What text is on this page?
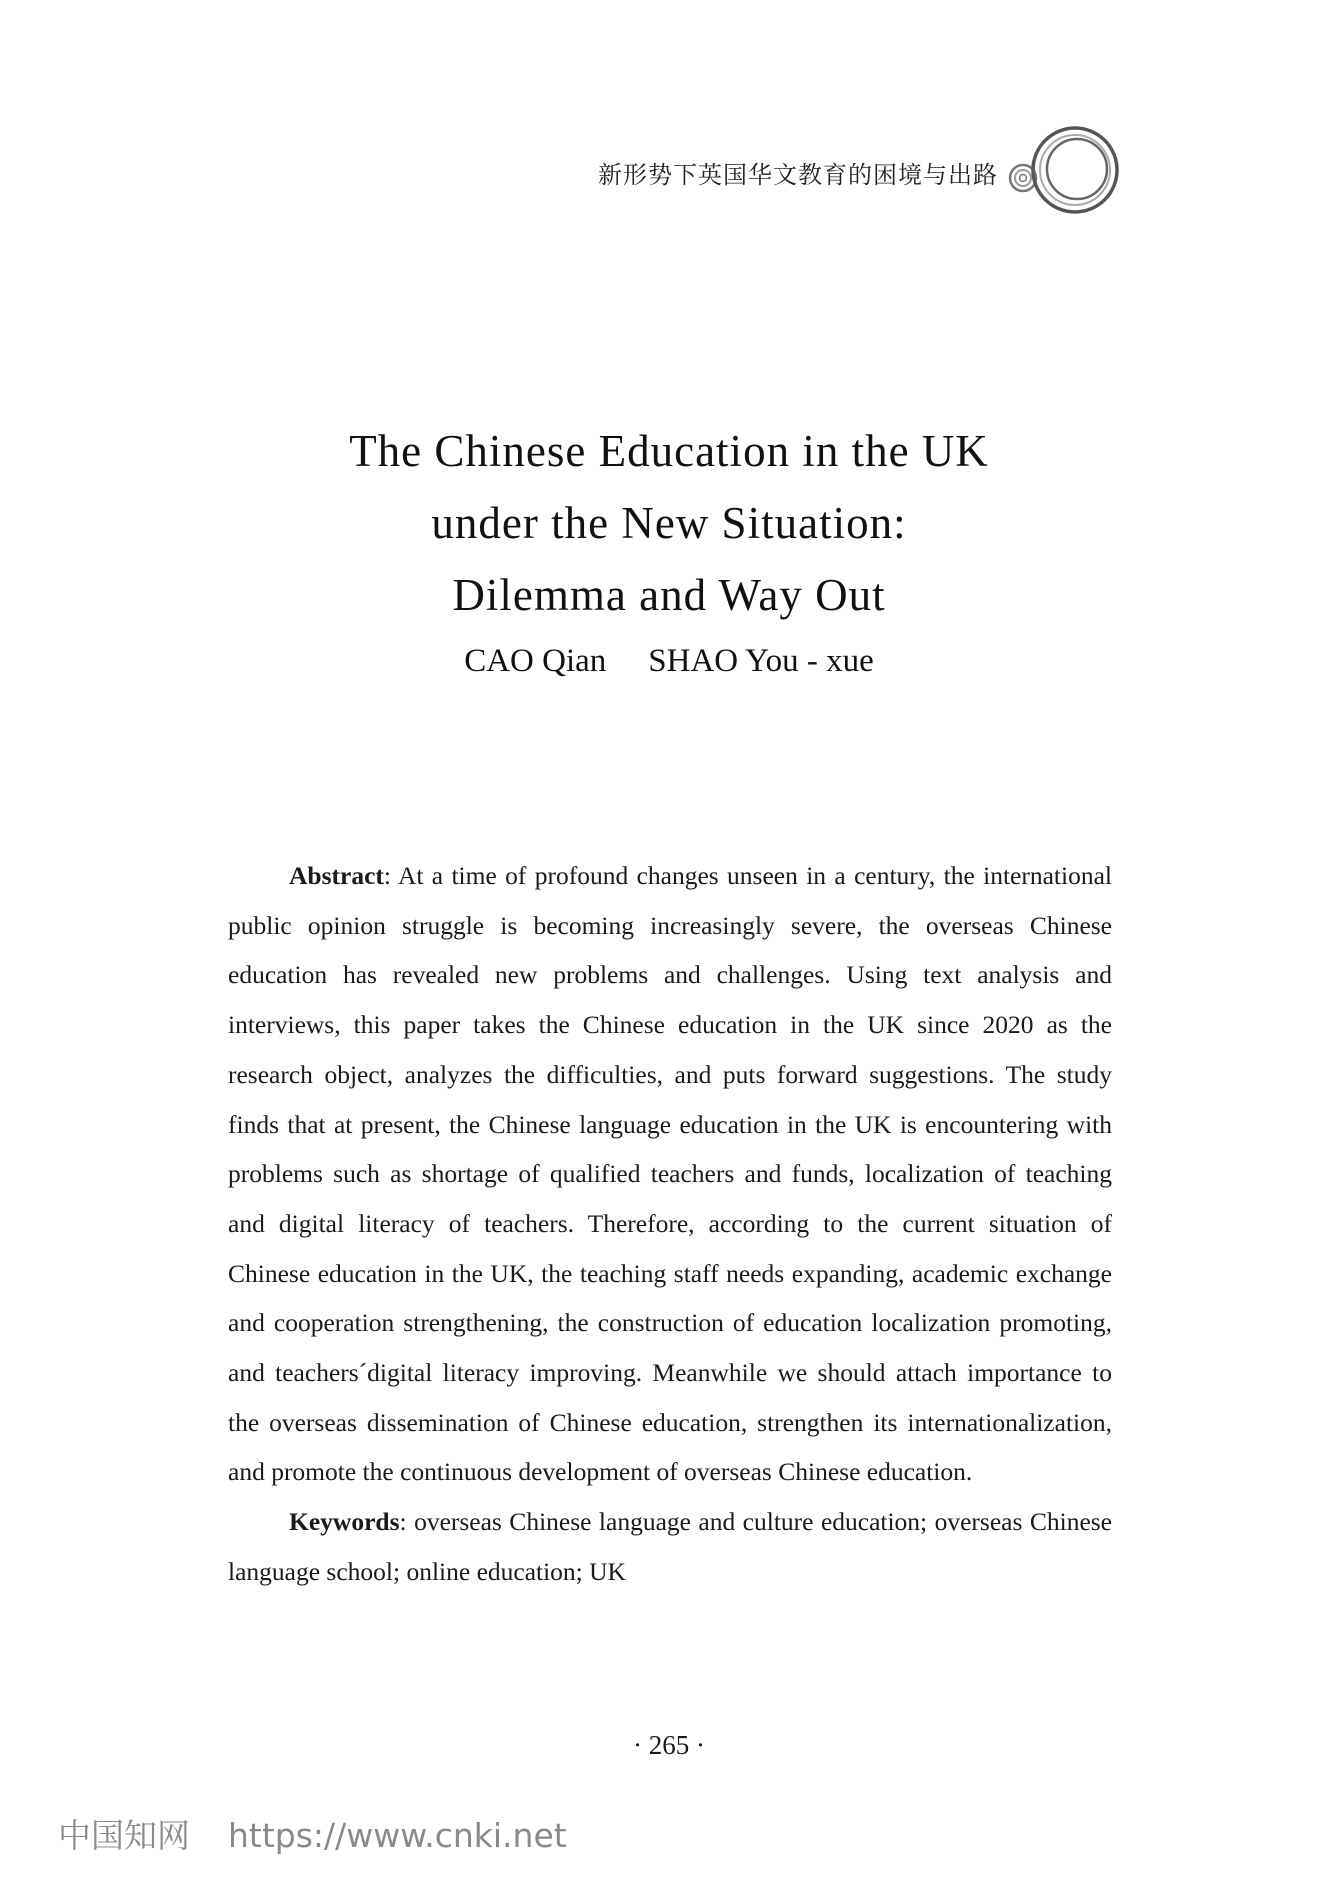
新形势下英国华文教育的困境与出路
The Chinese Education in the UK
under the New Situation:
Dilemma and Way Out
CAO Qian SHAO You - xue

Abstract: At a time of profound changes unseen in a century, the international public opinion struggle is becoming increasingly severe, the overseas Chinese education has revealed new problems and challenges. Using text analysis and interviews, this paper takes the Chinese education in the UK since 2020 as the research object, analyzes the difficulties, and puts forward suggestions. The study finds that at present, the Chinese language education in the UK is encountering with problems such as shortage of qualified teachers and funds, localization of teaching and digital literacy of teachers. Therefore, according to the current situation of Chinese education in the UK, the teaching staff needs expanding, academic exchange and cooperation strengthening, the construction of education localization promoting, and teachers´digital literacy improving. Meanwhile we should attach importance to the overseas dissemination of Chinese education, strengthen its internationalization, and promote the continuous development of overseas Chinese education.

Keywords: overseas Chinese language and culture education; overseas Chinese language school; online education; UK

· 265 ·
中国知网 https://www.cnki.net
